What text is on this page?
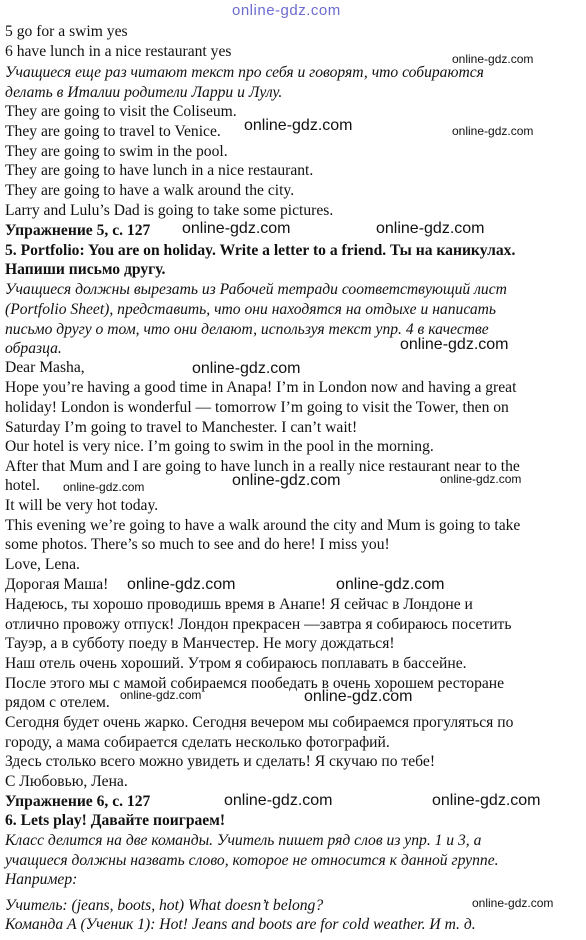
online-gdz.com
5 go for a swim yes
6 have lunch in a nice restaurant yes
Учащиеся еще раз читают текст про себя и говорят, что собираются
делать в Италии родители Ларри и Лулу.
They are going to visit the Coliseum.
They are going to travel to Venice.
They are going to swim in the pool.
They are going to have lunch in a nice restaurant.
They are going to have a walk around the city.
Larry and Lulu’s Dad is going to take some pictures.
Упражнение 5, с. 127
5. Portfolio: You are on holiday. Write a letter to a friend. Ты на каникулах.
Напиши письмо другу.
Учащиеся должны вырезать из Рабочей тетради соответствующий лист
(Portfolio Sheet), представить, что они находятся на отдыхе и написать
письмо другу о том, что они делают, используя текст упр. 4 в качестве
образца.
Dear Masha,
Hope you’re having a good time in Anapa! I’m in London now and having a great
holiday! London is wonderful — tomorrow I’m going to visit the Tower, then on
Saturday I’m going to travel to Manchester. I can’t wait!
Our hotel is very nice. I’m going to swim in the pool in the morning.
After that Mum and I are going to have lunch in a really nice restaurant near to the
hotel.
It will be very hot today.
This evening we’re going to have a walk around the city and Mum is going to take
some photos. There’s so much to see and do here! I miss you!
Love, Lena.
Дорогая Маша!
Надеюсь, ты хорошо проводишь время в Анапе! Я сейчас в Лондоне и
отлично провожу отпуск! Лондон прекрасен —завтра я собираюсь посетить
Тауэр, а в субботу поеду в Манчестер. Не могу дождаться!
Наш отель очень хороший. Утром я собираюсь поплавать в бассейне.
После этого мы с мамой собираемся пообедать в очень хорошем ресторане
рядом с отелем.
Сегодня будет очень жарко. Сегодня вечером мы собираемся прогуляться по
городу, а мама собирается сделать несколько фотографий.
Здесь столько всего можно увидеть и сделать! Я скучаю по тебе!
С Любовью, Лена.
Упражнение 6, с. 127
6. Lets play! Давайте поиграем!
Класс делится на две команды. Учитель пишет ряд слов из упр. 1 и 3, а
учащиеся должны назвать слово, которое не относится к данной группе.
Например:
Учитель: (jeans, boots, hot) What doesn’t belong?
Команда А (Ученик 1): Hot! Jeans and boots are for cold weather. И т. д.
online-gdz.com
online-gdz.com	online-gdz.com
online-gdz.com	online-gdz.com
online-gdz.com
online-gdz.com
online-gdz.com	online-gdz.com	online-gdz.com
online-gdz.com	online-gdz.com
online-gdz.com	online-gdz.com
online-gdz.com	online-gdz.com
online-gdz.com
